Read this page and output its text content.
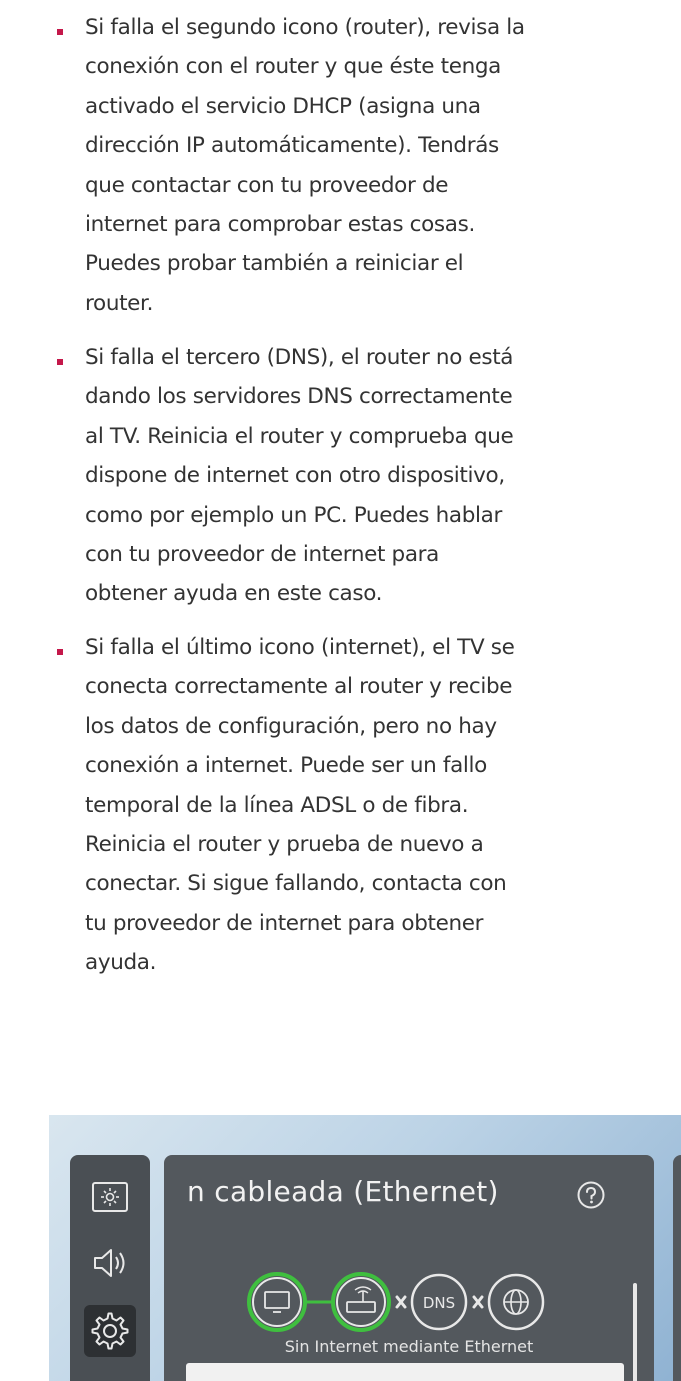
Si falla el segundo icono (router), revisa la
conexión con el router y que éste tenga
activado el servicio DHCP (asigna una
dirección IP automáticamente). Tendrás
que contactar con tu proveedor de
internet para comprobar estas cosas.
Puedes probar también a reiniciar el
router.
Si falla el tercero (DNS), el router no está
dando los servidores DNS correctamente
al TV. Reinicia el router y comprueba que
dispone de internet con otro dispositivo,
como por ejemplo un PC. Puedes hablar
con tu proveedor de internet para
obtener ayuda en este caso.
Si falla el último icono (internet), el TV se
conecta correctamente al router y recibe
los datos de configuración, pero no hay
conexión a internet. Puede ser un fallo
temporal de la línea ADSL o de fibra.
Reinicia el router y prueba de nuevo a
conectar. Si sigue fallando, contacta con
tu proveedor de internet para obtener
ayuda.
n cableada (Ethernet)
DNS
Sin Internet mediante Ethernet
